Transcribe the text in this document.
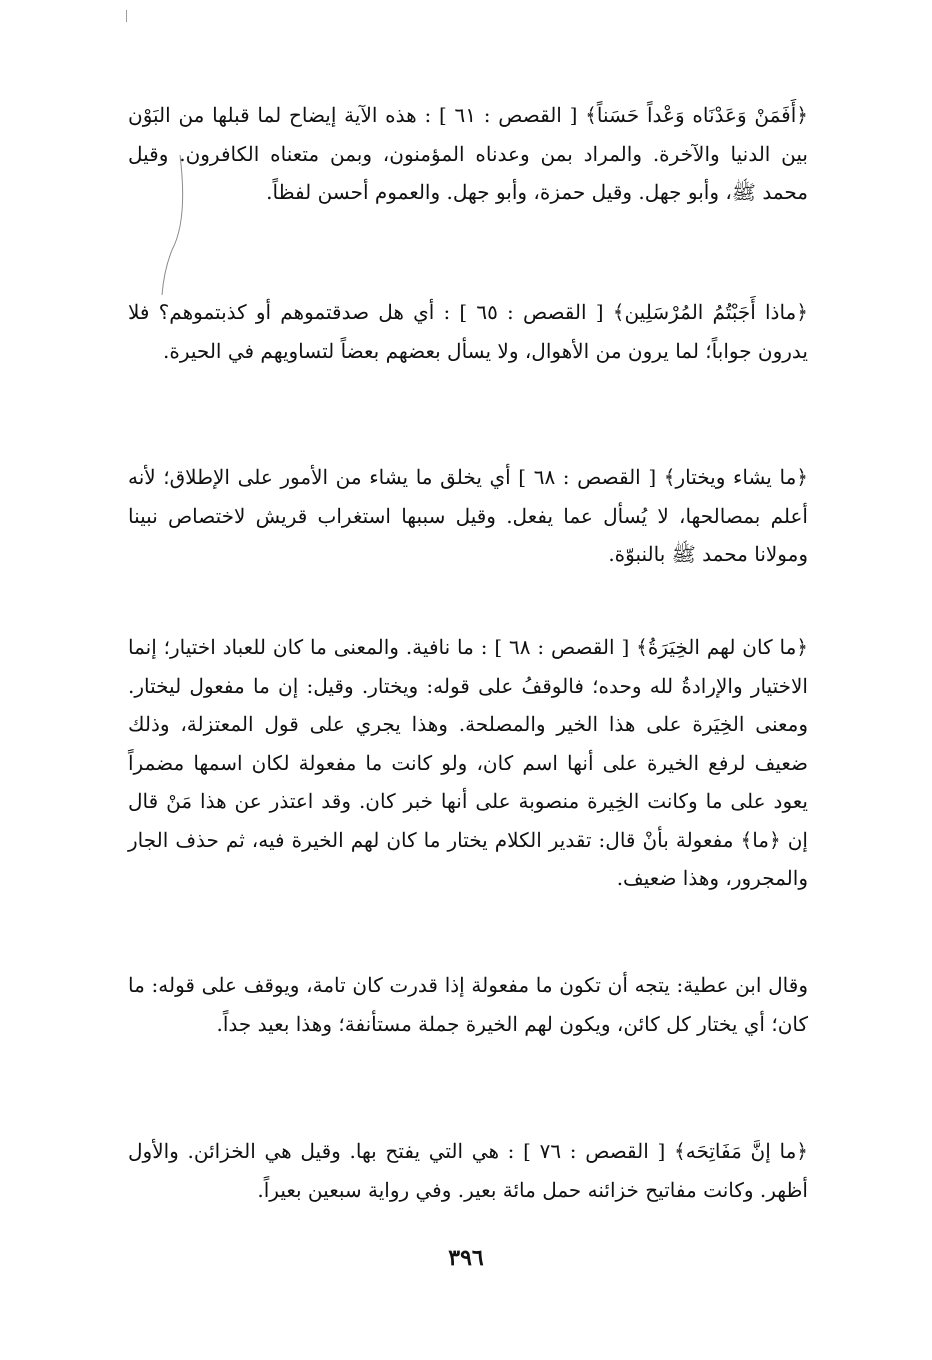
﴿أَفَمَنْ وَعَدْنَاه وَعْداً حَسَناً﴾ [ القصص : ٦١ ] : هذه الآية إيضاح لما قبلها من البَوْن بين الدنيا والآخرة. والمراد بمن وعدناه المؤمنون، وبمن متعناه الكافرون. وقيل محمد ﷺ، وأبو جهل. وقيل حمزة، وأبو جهل. والعموم أحسن لفظاً.

﴿ماذا أَجَبْتُمُ المُرْسَلِين﴾ [ القصص : ٦٥ ] : أي هل صدقتموهم أو كذبتموهم؟ فلا يدرون جواباً؛ لما يرون من الأهوال، ولا يسأل بعضهم بعضاً لتساويهم في الحيرة.

﴿ما يشاء ويختار﴾ [ القصص : ٦٨ ] أي يخلق ما يشاء من الأمور على الإطلاق؛ لأنه أعلم بمصالحها، لا يُسأل عما يفعل. وقيل سببها استغراب قريش لاختصاص نبينا ومولانا محمد ﷺ بالنبوّة.

﴿ما كان لهم الخِيَرَةُ﴾ [ القصص : ٦٨ ] : ما نافية. والمعنى ما كان للعباد اختيار؛ إنما الاختيار والإرادةُ لله وحده؛ فالوقفُ على قوله: ويختار. وقيل: إن ما مفعول ليختار. ومعنى الخِيَرة على هذا الخير والمصلحة. وهذا يجري على قول المعتزلة، وذلك ضعيف لرفع الخيرة على أنها اسم كان، ولو كانت ما مفعولة لكان اسمها مضمراً يعود على ما وكانت الخِيرة منصوبة على أنها خبر كان. وقد اعتذر عن هذا مَنْ قال إن ﴿ما﴾ مفعولة بأنْ قال: تقدير الكلام يختار ما كان لهم الخيرة فيه، ثم حذف الجار والمجرور، وهذا ضعيف.

وقال ابن عطية: يتجه أن تكون ما مفعولة إذا قدرت كان تامة، ويوقف على قوله: ما كان؛ أي يختار كل كائن، ويكون لهم الخيرة جملة مستأنفة؛ وهذا بعيد جداً.

﴿ما إنَّ مَفَاتِحَه﴾ [ القصص : ٧٦ ] : هي التي يفتح بها. وقيل هي الخزائن. والأول أظهر. وكانت مفاتيح خزائنه حمل مائة بعير. وفي رواية سبعين بعيراً.

٣٩٦
